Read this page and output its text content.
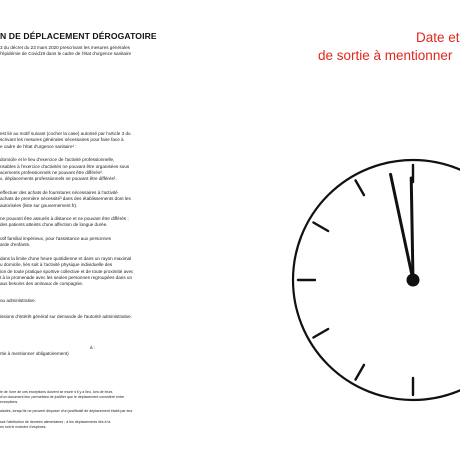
N DE DÉPLACEMENT DÉROGATOIRE

3 du décret du 23 mars 2020 prescrivant les mesures générales

l'épidémie de Covid19 dans le cadre de l'état d'urgence sanitaire

est lié au motif suivant (cocher la case) autorisé par l'article 3 du

scrivant les mesures générales nécessaires pour faire face à

e cadre de l'état d'urgence sanitaire¹ :

domicile et le lieu d'exercice de l'activité professionnelle,

nsables à l'exercice d'activités ne pouvant être organisées sous

acements professionnels ne pouvant être différés².

x, déplacements professionnels ne pouvant être différés².

effectuer des achats de fournitures nécessaires à l'activité

achats de première nécessité³ dans des établissements dont les

autorisées (liste sur gouvernement.fr).

ne pouvant être assurés à distance et ne pouvant être différés ;

des patients atteints d'une affection de longue durée.

otif familial impérieux, pour l'assistance aux personnes

arde d'enfants.

dans la limite d'une heure quotidienne et dans un rayon maximal

u domicile, liés soit à l'activité physique individuelle des

ion de toute pratique sportive collective et de toute proximité avec

t à la promenade avec les seules personnes regroupées dans un

aux besoins des animaux de compagnie.

ou administrative.

issions d'intérêt général sur demande de l'autorité administrative.

à :

rtie à mentionner obligatoirement)

le de l'une de ces exceptions doivent se munir s'il y a lieu, lors de leurs

d'un document leur permettant de justifier que le déplacement considéré entre

exceptions.

alariés, lorsqu'ils ne peuvent disposer d'un justificatif de déplacement établi par leur

ssé l'attribution de denrées alimentaires ; à les déplacements liés à la

en soit le moindre d'espèces.

Date et
de sortie à mentionner
